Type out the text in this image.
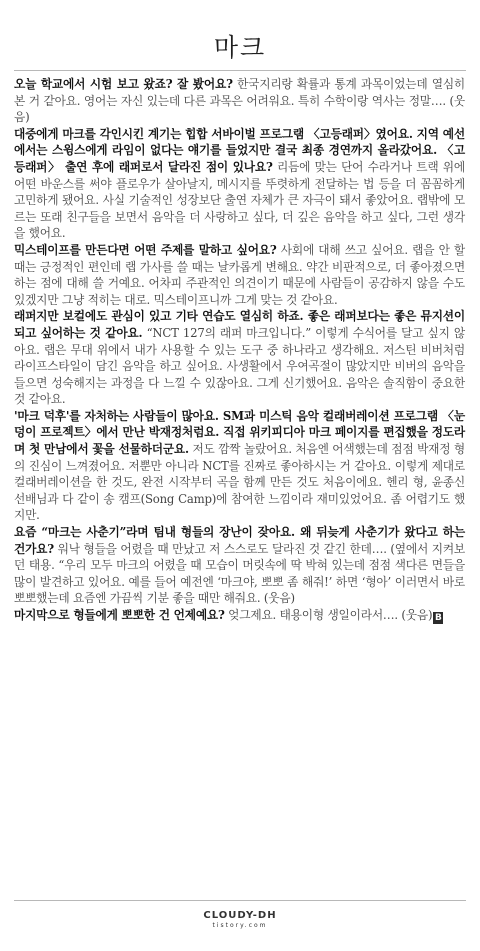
마크

오늘 학교에서 시험 보고 왔죠? 잘 봤어요? 한국지리랑 확률과 통계 과목이었는데 열심히 본 거 같아요. 영어는 자신 있는데 다른 과목은 어려워요. 특히 수학이랑 역사는 정말…. (웃음)

대중에게 마크를 각인시킨 계기는 힙합 서바이벌 프로그램 〈고등래퍼〉였어요. 지역 예선에서는 스윙스에게 라임이 없다는 얘기를 들었지만 결국 최종 경연까지 올라갔어요. 〈고등래퍼〉 출연 후에 래퍼로서 달라진 점이 있나요? 리듬에 맞는 단어 수라거나 트랙 위에 어떤 바운스를 써야 플로우가 살아날지, 메시지를 뚜렷하게 전달하는 법 등을 더 꼼꼼하게 고민하게 됐어요. 사실 기술적인 성장보단 출연 자체가 큰 자극이 돼서 좋았어요. 랩밖에 모르는 또래 친구들을 보면서 음악을 더 사랑하고 싶다, 더 깊은 음악을 하고 싶다, 그런 생각을 했어요.

믹스테이프를 만든다면 어떤 주제를 말하고 싶어요? 사회에 대해 쓰고 싶어요. 랩을 안 할 때는 긍정적인 편인데 랩 가사를 쓸 때는 날카롭게 변해요. 약간 비판적으로, 더 좋아졌으면 하는 점에 대해 쓸 거예요. 어차피 주관적인 의견이기 때문에 사람들이 공감하지 않을 수도 있겠지만 그냥 적히는 대로. 믹스테이프니까 그게 맞는 것 같아요.

래퍼지만 보컬에도 관심이 있고 기타 연습도 열심히 하죠. 좋은 래퍼보다는 좋은 뮤지션이 되고 싶어하는 것 같아요. “NCT 127의 래퍼 마크입니다.” 이렇게 수식어를 달고 싶지 않아요. 랩은 무대 위에서 내가 사용할 수 있는 도구 중 하나라고 생각해요. 저스틴 비버처럼 라이프스타일이 담긴 음악을 하고 싶어요. 사생활에서 우여곡절이 많았지만 비버의 음악을 들으면 성숙해지는 과정을 다 느낄 수 있잖아요. 그게 신기했어요. 음악은 솔직함이 중요한 것 같아요.

'마크 덕후'를 자처하는 사람들이 많아요. SM과 미스틱 음악 컬래버레이션 프로그램 〈눈덩이 프로젝트〉에서 만난 박재정처럼요. 직접 위키피디아 마크 페이지를 편집했을 정도라며 첫 만남에서 꽃을 선물하더군요. 저도 깜짝 놀랐어요. 처음엔 어색했는데 점점 박재정 형의 진심이 느껴졌어요. 저뿐만 아니라 NCT를 진짜로 좋아하시는 거 같아요. 이렇게 제대로 컬래버레이션을 한 것도, 완전 시작부터 곡을 함께 만든 것도 처음이에요. 헨리 형, 윤종신 선배님과 다 같이 송 캠프(Song Camp)에 참여한 느낌이라 재미있었어요. 좀 어렵기도 했지만.

요즘 “마크는 사춘기”라며 팀내 형들의 장난이 잦아요. 왜 뒤늦게 사춘기가 왔다고 하는 건가요? 워낙 형들을 어렸을 때 만났고 저 스스로도 달라진 것 같긴 한데…. (옆에서 지켜보던 태용. “우리 모두 마크의 어렸을 때 모습이 머릿속에 딱 박혀 있는데 점점 색다른 면들을 많이 발견하고 있어요. 예를 들어 예전엔 ‘마크야, 뽀뽀 좀 해줘!’ 하면 ‘형아’ 이러면서 바로 뽀뽀했는데 요즘엔 가끔씩 기분 좋을 때만 해줘요. (웃음)

마지막으로 형들에게 뽀뽀한 건 언제예요? 엊그제요. 태용이형 생일이라서…. (웃음) B

CLOUDY-DH
tistory.com
